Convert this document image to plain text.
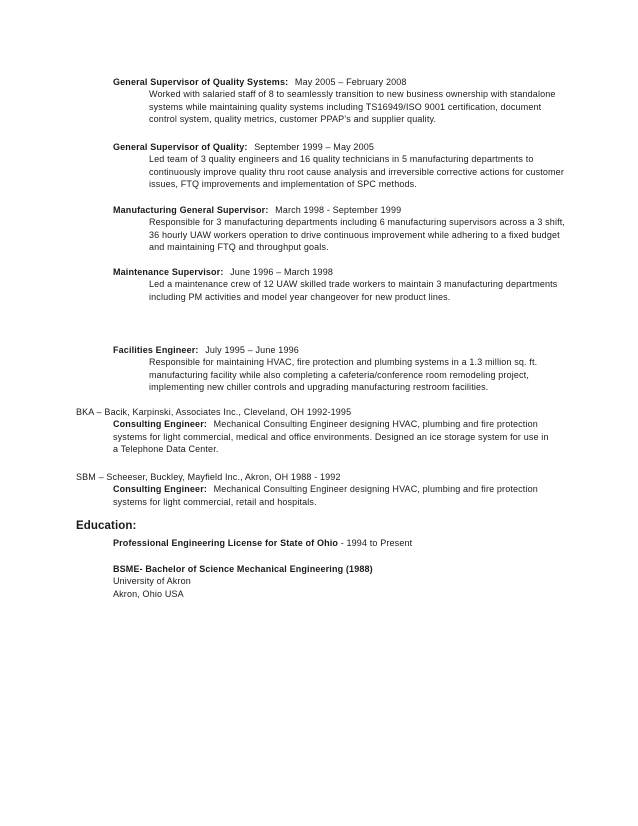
General Supervisor of Quality Systems: May 2005 – February 2008
Worked with salaried staff of 8 to seamlessly transition to new business ownership with standalone systems while maintaining quality systems including TS16949/ISO 9001 certification, document control system, quality metrics, customer PPAP’s and supplier quality.
General Supervisor of Quality: September 1999 – May 2005
Led team of 3 quality engineers and 16 quality technicians in 5 manufacturing departments to continuously improve quality thru root cause analysis and irreversible corrective actions for customer issues, FTQ improvements and implementation of SPC methods.
Manufacturing General Supervisor: March 1998 - September 1999
Responsible for 3 manufacturing departments including 6 manufacturing supervisors across a 3 shift, 36 hourly UAW workers operation to drive continuous improvement while adhering to a fixed budget and maintaining FTQ and throughput goals.
Maintenance Supervisor: June 1996 – March 1998
Led a maintenance crew of 12 UAW skilled trade workers to maintain 3 manufacturing departments including PM activities and model year changeover for new product lines.
Facilities Engineer: July 1995 – June 1996
Responsible for maintaining HVAC, fire protection and plumbing systems in a 1.3 million sq. ft. manufacturing facility while also completing a cafeteria/conference room remodeling project, implementing new chiller controls and upgrading manufacturing restroom facilities.
BKA – Bacik, Karpinski, Associates Inc., Cleveland, OH 1992-1995
Consulting Engineer: Mechanical Consulting Engineer designing HVAC, plumbing and fire protection systems for light commercial, medical and office environments. Designed an ice storage system for use in a Telephone Data Center.
SBM – Scheeser, Buckley, Mayfield Inc., Akron, OH 1988 - 1992
Consulting Engineer: Mechanical Consulting Engineer designing HVAC, plumbing and fire protection systems for light commercial, retail and hospitals.
Education:
Professional Engineering License for State of Ohio - 1994 to Present
BSME- Bachelor of Science Mechanical Engineering (1988)
University of Akron
Akron, Ohio USA
